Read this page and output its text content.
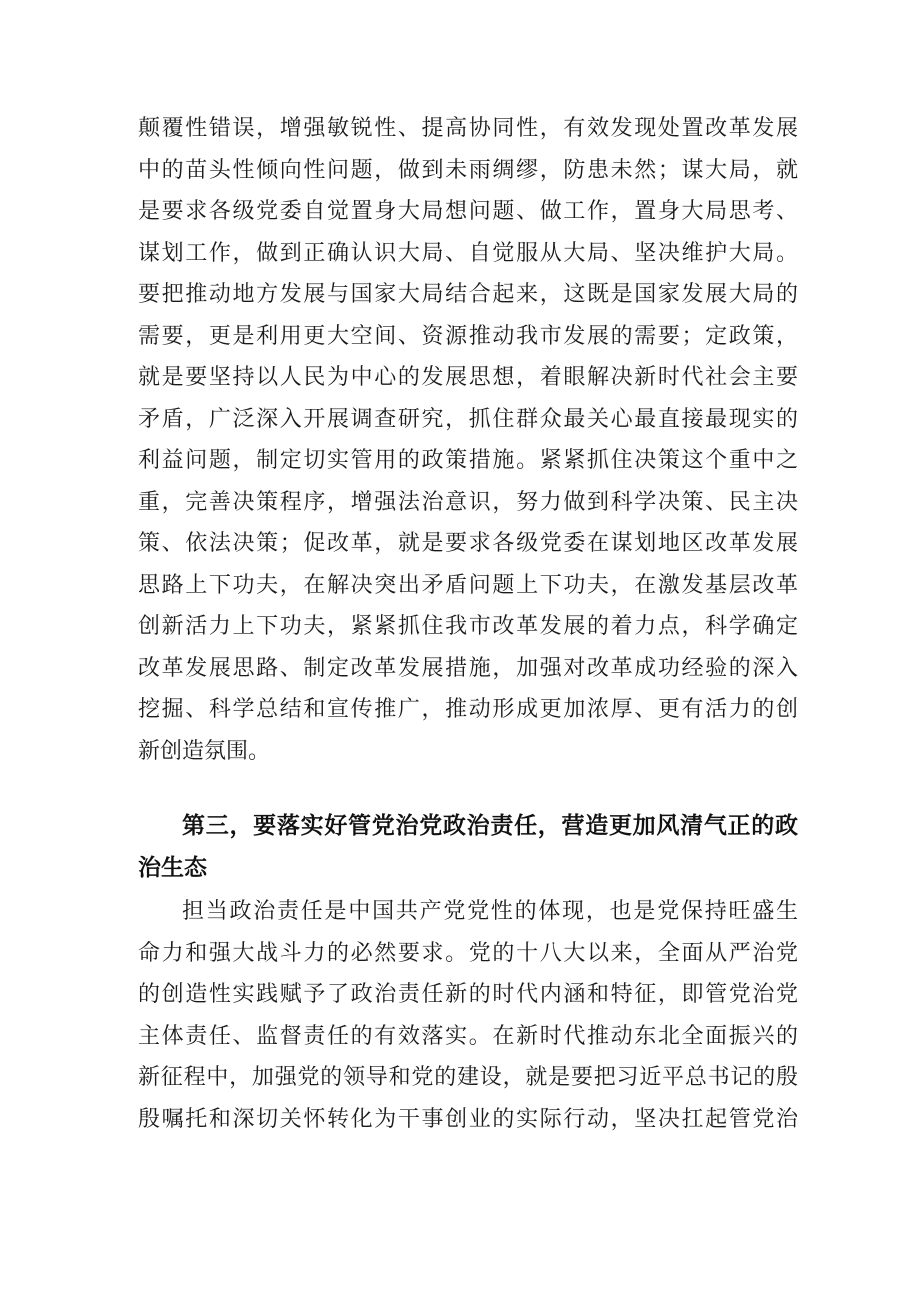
颠覆性错误，增强敏锐性、提高协同性，有效发现处置改革发展
中的苗头性倾向性问题，做到未雨绸缪，防患未然；谋大局，就
是要求各级党委自觉置身大局想问题、做工作，置身大局思考、
谋划工作，做到正确认识大局、自觉服从大局、坚决维护大局。
要把推动地方发展与国家大局结合起来，这既是国家发展大局的
需要，更是利用更大空间、资源推动我市发展的需要；定政策，
就是要坚持以人民为中心的发展思想，着眼解决新时代社会主要
矛盾，广泛深入开展调查研究，抓住群众最关心最直接最现实的
利益问题，制定切实管用的政策措施。紧紧抓住决策这个重中之
重，完善决策程序，增强法治意识，努力做到科学决策、民主决
策、依法决策；促改革，就是要求各级党委在谋划地区改革发展
思路上下功夫，在解决突出矛盾问题上下功夫，在激发基层改革
创新活力上下功夫，紧紧抓住我市改革发展的着力点，科学确定
改革发展思路、制定改革发展措施，加强对改革成功经验的深入
挖掘、科学总结和宣传推广，推动形成更加浓厚、更有活力的创
新创造氛围。
第三，要落实好管党治党政治责任，营造更加风清气正的政
治生态
担当政治责任是中国共产党党性的体现，也是党保持旺盛生
命力和强大战斗力的必然要求。党的十八大以来，全面从严治党
的创造性实践赋予了政治责任新的时代内涵和特征，即管党治党
主体责任、监督责任的有效落实。在新时代推动东北全面振兴的
新征程中，加强党的领导和党的建设，就是要把习近平总书记的殷
殷嘱托和深切关怀转化为干事创业的实际行动，坚决扛起管党治
